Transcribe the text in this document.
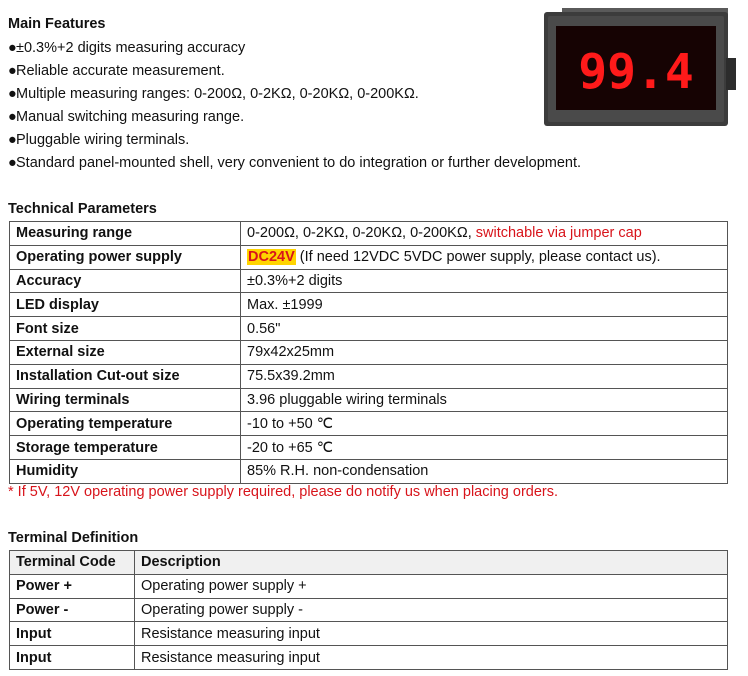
Main Features
●±0.3%+2 digits measuring accuracy
●Reliable accurate measurement.
●Multiple measuring ranges: 0-200Ω, 0-2KΩ, 0-20KΩ, 0-200KΩ.
●Manual switching measuring range.
●Pluggable wiring terminals.
●Standard panel-mounted shell, very convenient to do integration or further development.
99.4
Technical Parameters
Measuring range	0-200Ω, 0-2KΩ, 0-20KΩ, 0-200KΩ, switchable via jumper cap
Operating power supply	DC24V (If need 12VDC 5VDC power supply, please contact us).
Accuracy	±0.3%+2 digits
LED display	Max. ±1999
Font size	0.56"
External size	79x42x25mm
Installation Cut-out size	75.5x39.2mm
Wiring terminals	3.96 pluggable wiring terminals
Operating temperature	-10 to +50 ℃
Storage temperature	-20 to +65 ℃
Humidity	85% R.H. non-condensation
* If 5V, 12V operating power supply required, please do notify us when placing orders.
Terminal Definition
Terminal Code	Description
Power +	Operating power supply +
Power -	Operating power supply -
Input	Resistance measuring input
Input	Resistance measuring input
